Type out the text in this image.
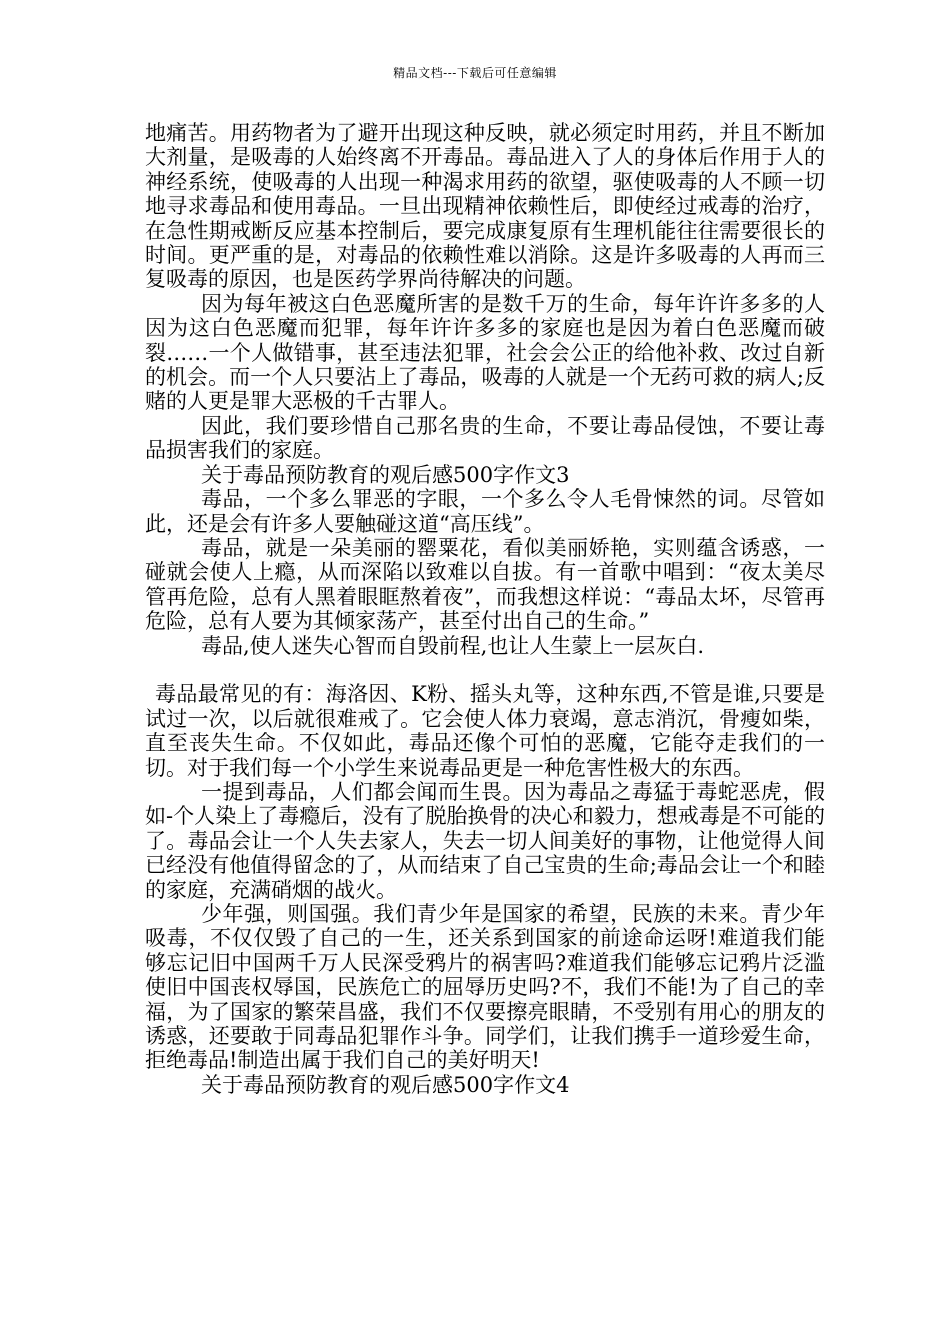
精品文档---下载后可任意编辑

地痛苦。用药物者为了避开出现这种反映，就必须定时用药，并且不断加大剂量，是吸毒的人始终离不开毒品。毒品进入了人的身体后作用于人的神经系统，使吸毒的人出现一种渴求用药的欲望，驱使吸毒的人不顾一切地寻求毒品和使用毒品。一旦出现精神依赖性后，即使经过戒毒的治疗，在急性期戒断反应基本控制后，要完成康复原有生理机能往往需要很长的时间。更严重的是，对毒品的依赖性难以消除。这是许多吸毒的人再而三复吸毒的原因，也是医药学界尚待解决的问题。

因为每年被这白色恶魔所害的是数千万的生命，每年许许多多的人因为这白色恶魔而犯罪，每年许许多多的家庭也是因为着白色恶魔而破裂……一个人做错事，甚至违法犯罪，社会会公正的给他补救、改过自新的机会。而一个人只要沾上了毒品，吸毒的人就是一个无药可救的病人;反赌的人更是罪大恶极的千古罪人。

因此，我们要珍惜自己那名贵的生命，不要让毒品侵蚀，不要让毒品损害我们的家庭。

关于毒品预防教育的观后感500字作文3

毒品，一个多么罪恶的字眼，一个多么令人毛骨悚然的词。尽管如此，还是会有许多人要触碰这道“高压线”。

毒品，就是一朵美丽的罂粟花，看似美丽娇艳，实则蕴含诱惑，一碰就会使人上瘾，从而深陷以致难以自拔。有一首歌中唱到：“夜太美尽管再危险，总有人黑着眼眶熬着夜”，而我想这样说：“毒品太坏，尽管再危险，总有人要为其倾家荡产，甚至付出自己的生命。”

毒品,使人迷失心智而自毁前程,也让人生蒙上一层灰白.

毒品最常见的有：海洛因、K粉、摇头丸等，这种东西,不管是谁,只要是试过一次，以后就很难戒了。它会使人体力衰竭，意志消沉，骨瘦如柴，直至丧失生命。不仅如此，毒品还像个可怕的恶魔，它能夺走我们的一切。对于我们每一个小学生来说毒品更是一种危害性极大的东西。

一提到毒品，人们都会闻而生畏。因为毒品之毒猛于毒蛇恶虎，假如-个人染上了毒瘾后，没有了脱胎换骨的决心和毅力，想戒毒是不可能的了。毒品会让一个人失去家人，失去一切人间美好的事物，让他觉得人间已经没有他值得留念的了，从而结束了自己宝贵的生命;毒品会让一个和睦的家庭，充满硝烟的战火。

少年强，则国强。我们青少年是国家的希望，民族的未来。青少年吸毒，不仅仅毁了自己的一生，还关系到国家的前途命运呀!难道我们能够忘记旧中国两千万人民深受鸦片的祸害吗?难道我们能够忘记鸦片泛滥使旧中国丧权辱国，民族危亡的屈辱历史吗?不，我们不能!为了自己的幸福，为了国家的繁荣昌盛，我们不仅要擦亮眼睛，不受别有用心的朋友的诱惑，还要敢于同毒品犯罪作斗争。同学们，让我们携手一道珍爱生命，拒绝毒品!制造出属于我们自己的美好明天!

关于毒品预防教育的观后感500字作文4
